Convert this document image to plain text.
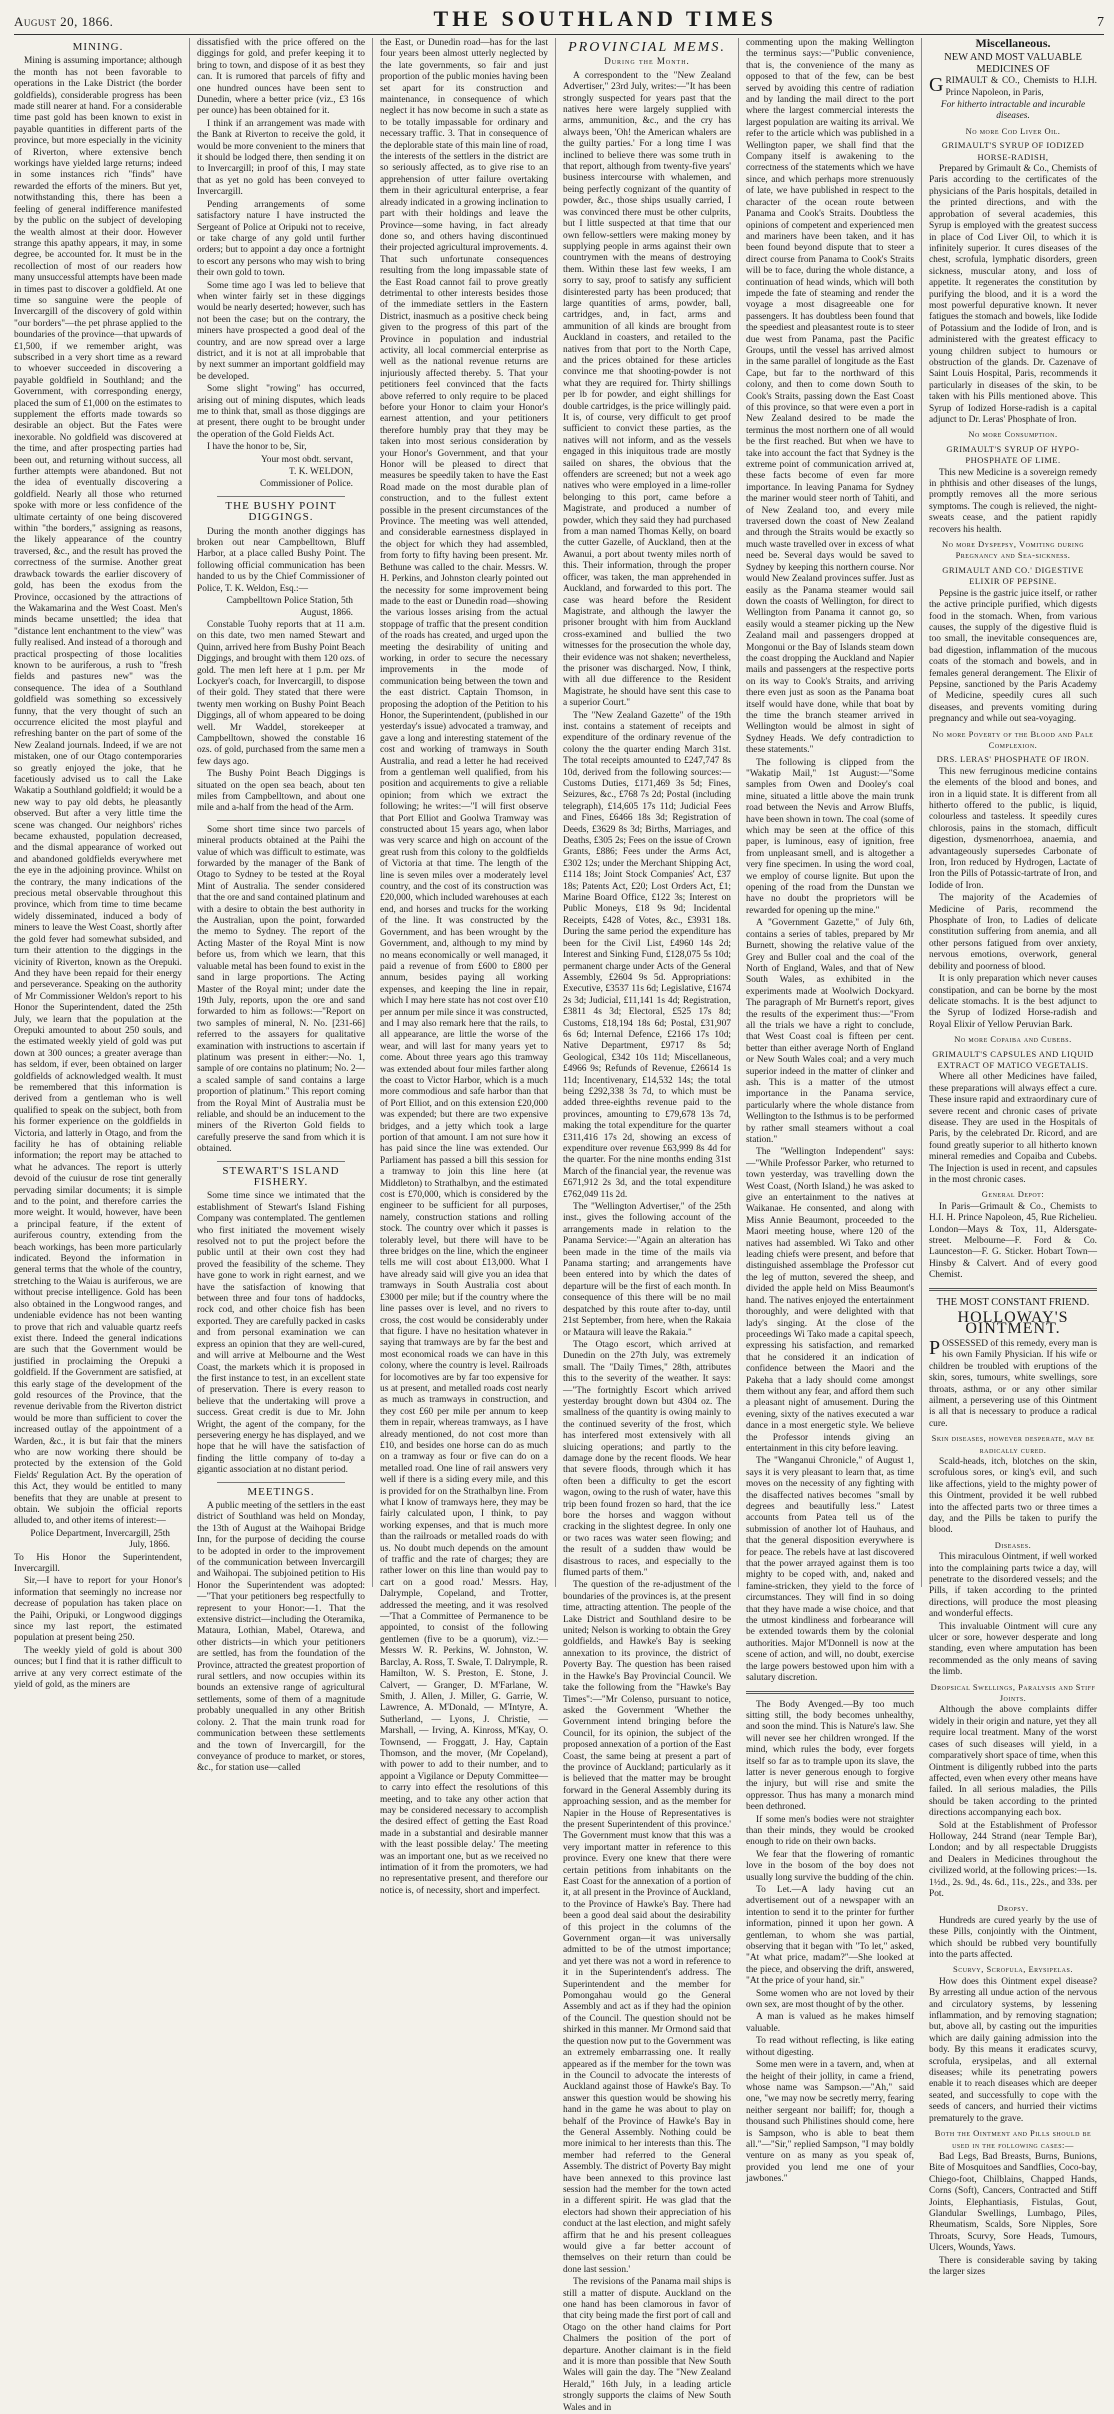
August 20, 1866.	THE SOUTHLAND TIMES	7
MINING.

Mining is assuming importance; although the month has not been favorable to operations in the Lake District (the border goldfields), considerable progress has been made still nearer at hand. For a considerable time past gold has been known to exist in payable quantities in different parts of the province, but more especially in the vicinity of Riverton, where extensive bench workings have yielded large returns; indeed in some instances rich "finds" have rewarded the efforts of the miners. But yet, notwithstanding this, there has been a feeling of general indifference manifested by the public on the subject of developing the wealth almost at their door. However strange this apathy appears, it may, in some degree, be accounted for. It must be in the recollection of most of our readers how many unsuccessful attempts have been made in times past to discover a goldfield. At one time so sanguine were the people of Invercargill of the discovery of gold within "our borders"—the pet phrase applied to the boundaries of the province—that upwards of £1,500, if we remember aright, was subscribed in a very short time as a reward to whoever succeeded in discovering a payable goldfield in Southland; and the Government, with corresponding energy, placed the sum of £1,000 on the estimates to supplement the efforts made towards so desirable an object. But the Fates were inexorable. No goldfield was discovered at the time, and after prospecting parties had been out, and returning without success, all further attempts were abandoned. But not the idea of eventually discovering a goldfield. Nearly all those who returned spoke with more or less confidence of the ultimate certainty of one being discovered within "the borders," assigning as reasons, the likely appearance of the country traversed, &c., and the result has proved the correctness of the surmise. Another great drawback towards the earlier discovery of gold, has been the exodus from the Province, occasioned by the attractions of the Wakamarina and the West Coast. Men's minds became unsettled; the idea that "distance lent enchantment to the view" was fully realised. And instead of a thorough and practical prospecting of those localities known to be auriferous, a rush to "fresh fields and pastures new" was the consequence. The idea of a Southland goldfield was something so excessively funny, that the very thought of such an occurrence elicited the most playful and refreshing banter on the part of some of the New Zealand journals. Indeed, if we are not mistaken, one of our Otago contemporaries so greatly enjoyed the joke, that he facetiously advised us to call the Lake Wakatip a Southland goldfield; it would be a new way to pay old debts, he pleasantly observed. But after a very little time the scene was changed. Our neighbors' riches became exhausted, population decreased, and the dismal appearance of worked out and abandoned goldfields everywhere met the eye in the adjoining province. Whilst on the contrary, the many indications of the precious metal observable throughout this province, which from time to time became widely disseminated, induced a body of miners to leave the West Coast, shortly after the gold fever had somewhat subsided, and turn their attention to the diggings in the vicinity of Riverton, known as the Orepuki. And they have been repaid for their energy and perseverance. Speaking on the authority of Mr Commissioner Weldon's report to his Honor the Superintendent, dated the 25th July, we learn that the population at the Orepuki amounted to about 250 souls, and the estimated weekly yield of gold was put down at 300 ounces; a greater average than has seldom, if ever, been obtained on larger goldfields of acknowledged wealth. It must be remembered that this information is derived from a gentleman who is well qualified to speak on the subject, both from his former experience on the goldfields in Victoria, and latterly in Otago, and from the facility he has of obtaining reliable information; the report may be attached to what he advances. The report is utterly devoid of the cuiusur de rose tint generally pervading similar documents; it is simple and to the point, and therefore carries the more weight. It would, however, have been a principal feature, if the extent of auriferous country, extending from the beach workings, has been more particularly indicated. Beyond the information in general terms that the whole of the country, stretching to the Waiau is auriferous, we are without precise intelligence. Gold has been also obtained in the Longwood ranges, and undeniable evidence has not been wanting to prove that rich and valuable quartz reefs exist there. Indeed the general indications are such that the Government would be justified in proclaiming the Orepuki a goldfield. If the Government are satisfied, at this early stage of the development of the gold resources of the Province, that the revenue derivable from the Riverton district would be more than sufficient to cover the increased outlay of the appointment of a Warden, &c., it is but fair that the miners who are now working there should be protected by the extension of the Gold Fields' Regulation Act. By the operation of this Act, they would be entitled to many benefits that they are unable at present to obtain. We subjoin the official reports alluded to, and other items of interest:—

Police Department, Invercargill, 25th July, 1866.

To His Honor the Superintendent, Invercargill.

Sir,—I have to report for your Honor's information that seemingly no increase nor decrease of population has taken place on the Paihi, Oripuki, or Longwood diggings since my last report, the estimated population at present being 250.

The weekly yield of gold is about 300 ounces; but I find that it is rather difficult to arrive at any very correct estimate of the yield of gold, as the miners are

dissatisfied with the price offered on the diggings for gold, and prefer keeping it to bring to town, and dispose of it as best they can. It is rumored that parcels of fifty and one hundred ounces have been sent to Dunedin, where a better price (viz., £3 16s per ounce) has been obtained for it.

I think if an arrangement was made with the Bank at Riverton to receive the gold, it would be more convenient to the miners that it should be lodged there, then sending it on to Invercargill; in proof of this, I may state that as yet no gold has been conveyed to Invercargill.

Pending arrangements of some satisfactory nature I have instructed the Sergeant of Police at Oripuki not to receive, or take charge of any gold until further orders; but to appoint a day once a fortnight to escort any persons who may wish to bring their own gold to town.

Some time ago I was led to believe that when winter fairly set in these diggings would be nearly deserted; however, such has not been the case; but on the contrary, the miners have prospected a good deal of the country, and are now spread over a large district, and it is not at all improbable that by next summer an important goldfield may be developed.

Some slight "rowing" has occurred, arising out of mining disputes, which leads me to think that, small as those diggings are at present, there ought to be brought under the operation of the Gold Fields Act.

I have the honor to be, Sir,

Your most obdt. servant,

T. K. WELDON,

Commissioner of Police.

THE BUSHY POINT DIGGINGS.

During the month another diggings has broken out near Campbelltown, Bluff Harbor, at a place called Bushy Point. The following official communication has been handed to us by the Chief Commissioner of Police, T. K. Weldon, Esq.:—

Campbelltown Police Station, 5th August, 1866.

Constable Tuohy reports that at 11 a.m. on this date, two men named Stewart and Quinn, arrived here from Bushy Point Beach Diggings, and brought with them 120 ozs. of gold. The men left here at 1 p.m. per Mr Lockyer's coach, for Invercargill, to dispose of their gold. They stated that there were twenty men working on Bushy Point Beach Diggings, all of whom appeared to be doing well. Mr Waddel, storekeeper at Campbelltown, showed the constable 16 ozs. of gold, purchased from the same men a few days ago.

The Bushy Point Beach Diggings is situated on the open sea beach, about ten miles from Campbelltown, and about one mile and a-half from the head of the Arm.

Some short time since two parcels of mineral products obtained at the Paihi the value of which was difficult to estimate, was forwarded by the manager of the Bank of Otago to Sydney to be tested at the Royal Mint of Australia. The sender considered that the ore and sand contained platinum and with a desire to obtain the best authority in the Australian, upon the point, forwarded the memo to Sydney. The report of the Acting Master of the Royal Mint is now before us, from which we learn, that this valuable metal has been found to exist in the sand in large proportions. The Acting Master of the Royal mint; under date the 19th July, reports, upon the ore and sand forwarded to him as follows:—"Report on two samples of mineral, N. No. [231-66] referred to the assayers for qualitative examination with instructions to ascertain if platinum was present in either:—No. 1, sample of ore contains no platinum; No. 2—a scaled sample of sand contains a large proportion of platinum." This report coming from the Royal Mint of Australia must be reliable, and should be an inducement to the miners of the Riverton Gold fields to carefully preserve the sand from which it is obtained.

STEWART'S ISLAND FISHERY.

Some time since we intimated that the establishment of Stewart's Island Fishing Company was contemplated. The gentlemen who first initiated the movement wisely resolved not to put the project before the public until at their own cost they had proved the feasibility of the scheme. They have gone to work in right earnest, and we have the satisfaction of knowing that between three and four tons of haddocks, rock cod, and other choice fish has been exported. They are carefully packed in casks and from personal examination we can express an opinion that they are well-cured, and will arrive at Melbourne and the West Coast, the markets which it is proposed in the first instance to test, in an excellent state of preservation. There is every reason to believe that the undertaking will prove a success. Great credit is due to Mr. John Wright, the agent of the company, for the persevering energy he has displayed, and we hope that he will have the satisfaction of finding the little company of to-day a gigantic association at no distant period.

MEETINGS.

A public meeting of the settlers in the east district of Southland was held on Monday, the 13th of August at the Waihopai Bridge Inn, for the purpose of deciding the course to be adopted in order to the improvement of the communication between Invercargill and Waihopai. The subjoined petition to His Honor the Superintendent was adopted:—"That your petitioners beg respectfully to represent to your Honor:—1. That the extensive district—including the Oteramika, Mataura, Lothian, Mabel, Otarewa, and other districts—in which your petitioners are settled, has from the foundation of the Province, attracted the greatest proportion of rural settlers, and now occupies within its bounds an extensive range of agricultural settlements, some of them of a magnitude probably unequalled in any other British colony. 2. That the main trunk road for communication between these settlements and the town of Invercargill, for the conveyance of produce to market, or stores, &c., for station use—called

the East, or Dunedin road—has for the last four years been almost utterly neglected by the late governments, so fair and just proportion of the public monies having been set apart for its construction and maintenance, in consequence of which neglect it has now become in such a state as to be totally impassable for ordinary and necessary traffic. 3. That in consequence of the deplorable state of this main line of road, the interests of the settlers in the district are so seriously affected, as to give rise to an apprehension of utter failure overtaking them in their agricultural enterprise, a fear already indicated in a growing inclination to part with their holdings and leave the Province—some having, in fact already done so, and others having discontinued their projected agricultural improvements. 4. That such unfortunate consequences resulting from the long impassable state of the East Road cannot fail to prove greatly detrimental to other interests besides those of the immediate settlers in the Eastern District, inasmuch as a positive check being given to the progress of this part of the Province in population and industrial activity, all local commercial enterprise as well as the national revenue returns are injuriously affected thereby. 5. That your petitioners feel convinced that the facts above referred to only require to be placed before your Honor to claim your Honor's earnest attention, and your petitioners therefore humbly pray that they may be taken into most serious consideration by your Honor's Government, and that your Honor will be pleased to direct that measures be speedily taken to have the East Road made on the most durable plan of construction, and to the fullest extent possible in the present circumstances of the Province. The meeting was well attended, and considerable earnestness displayed in the object for which they had assembled, from forty to fifty having been present. Mr. Bethune was called to the chair. Messrs. W. H. Perkins, and Johnston clearly pointed out the necessity for some improvement being made to the east or Dunedin road—showing the various losses arising from the actual stoppage of traffic that the present condition of the roads has created, and urged upon the meeting the desirability of uniting and working, in order to secure the necessary improvements in the mode of communication being between the town and the east district. Captain Thomson, in proposing the adoption of the Petition to his Honor, the Superintendent, (published in our yesterday's issue) advocated a tramway, and gave a long and interesting statement of the cost and working of tramways in South Australia, and read a letter he had received from a gentleman well qualified, from his position and acquirements to give a reliable opinion; from which we extract the following; he writes:—"I will first observe that Port Elliot and Goolwa Tramway was constructed about 15 years ago, when labor was very scarce and high on account of the great rush from this colony to the goldfields of Victoria at that time. The length of the line is seven miles over a moderately level country, and the cost of its construction was £20,000, which included warehouses at each end, and horses and trucks for the working of the line. It was constructed by the Government, and has been wrought by the Government, and, although to my mind by no means economically or well managed, it paid a revenue of from £600 to £800 per annum, besides paying all working expenses, and keeping the line in repair, which I may here state has not cost over £10 per annum per mile since it was constructed, and I may also remark here that the rails, to all appearance, are little the worse of the wear, and will last for many years yet to come. About three years ago this tramway was extended about four miles farther along the coast to Victor Harbor, which is a much more commodious and safe harbor than that of Port Elliot, and on this extension £20,000 was expended; but there are two expensive bridges, and a jetty which took a large portion of that amount. I am not sure how it has paid since the line was extended. Our Parliament has passed a bill this session for a tramway to join this line here (at Middleton) to Strathalbyn, and the estimated cost is £70,000, which is considered by the engineer to be sufficient for all purposes, namely, construction stations and rolling stock. The country over which it passes is tolerably level, but there will have to be three bridges on the line, which the engineer tells me will cost about £13,000. What I have already said will give you an idea that tramways in South Australia cost about £3000 per mile; but if the country where the line passes over is level, and no rivers to cross, the cost would be considerably under that figure. I have no hesitation whatever in saying that tramways are by far the best and most economical roads we can have in this colony, where the country is level. Railroads for locomotives are by far too expensive for us at present, and metalled roads cost nearly as much as tramways in construction, and they cost £60 per mile per annum to keep them in repair, whereas tramways, as I have already mentioned, do not cost more than £10, and besides one horse can do as much on a tramway as four or five can do on a metalled road. One line of rail answers very well if there is a siding every mile, and this is provided for on the Strathalbyn line. From what I know of tramways here, they may be fairly calculated upon, I think, to pay working expenses, and that is much more than the railroads or metalled roads do with us. No doubt much depends on the amount of traffic and the rate of charges; they are rather lower on this line than would pay to cart on a good road.' Messrs. Hay, Dalrymple, Copeland, and Trotter, addressed the meeting, and it was resolved—'That a Committee of Permanence to be appointed, to consist of the following gentlemen (five to be a quorum), viz.:—Messrs W. R. Perkins, W. Johnston, W. Barclay, A. Ross, T. Swale, T. Dalrymple, R. Hamilton, W. S. Preston, E. Stone, J. Calvert, — Granger, D. M'Farlane, W. Smith, J. Allen, J. Miller, G. Garrie, W. Lawrence, A. M'Donald, — M'Intyre, A. Sutherland, — Lyons, J. Christie, —Marshall, — Irving, A. Kinross, M'Kay, O. Townsend, — Froggatt, J. Hay, Captain Thomson, and the mover, (Mr Copeland), with power to add to their number, and to appoint a Vigilance or Deputy Committee—to carry into effect the resolutions of this meeting, and to take any other action that may be considered necessary to accomplish the desired effect of getting the East Road made in a substantial and desirable manner with the least possible delay.' The meeting was an important one, but as we received no intimation of it from the promoters, we had no representative present, and therefore our notice is, of necessity, short and imperfect.

PROVINCIAL MEMS.
During the Month.

A correspondent to the "New Zealand Advertiser," 23rd July, writes:—"It has been strongly suspected for years past that the natives here were largely supplied with arms, ammunition, &c., and the cry has always been, 'Oh! the American whalers are the guilty parties.' For a long time I was inclined to believe there was some truth in that report, although from twenty-five years' business intercourse with whalemen, and being perfectly cognizant of the quantity of powder, &c., those ships usually carried, I was convinced there must be other culprits, but I little suspected at that time that our own fellow-settlers were making money by supplying people in arms against their own countrymen with the means of destroying them. Within these last few weeks, I am sorry to say, proof to satisfy any sufficient disinterested party has been produced; that large quantities of arms, powder, ball, cartridges, and, in fact, arms and ammunition of all kinds are brought from Auckland in coasters, and retailed to the natives from that port to the North Cape, and the prices obtained for these articles convince me that shooting-powder is not what they are required for. Thirty shillings per lb for powder, and eight shillings for double cartridges, is the price willingly paid. It is, of course, very difficult to get proof sufficient to convict these parties, as the natives will not inform, and as the vessels engaged in this iniquitous trade are mostly sailed on shares, the obvious that the offenders are screened; but not a week ago natives who were employed in a lime-roller belonging to this port, came before a Magistrate, and produced a number of powder, which they said they had purchased from a man named Thomas Kelly, on board the cutter Gazelle, of Auckland, then at the Awanui, a port about twenty miles north of this. Their information, through the proper officer, was taken, the man apprehended in Auckland, and forwarded to this port. The case was heard before the Resident Magistrate, and although the lawyer the prisoner brought with him from Auckland cross-examined and bullied the two witnesses for the prosecution the whole day, their evidence was not shaken; nevertheless, the prisoner was discharged. Now, I think, with all due difference to the Resident Magistrate, he should have sent this case to a superior Court."

The "New Zealand Gazette" of the 19th inst. contains a statement of receipts and expenditure of the ordinary revenue of the colony the the quarter ending March 31st. The total receipts amounted to £247,747 8s 10d, derived from the following sources:—Customs Duties, £171,469 3s 5d; Fines, Seizures, &c., £768 7s 2d; Postal (including telegraph), £14,605 17s 11d; Judicial Fees and Fines, £6466 18s 3d; Registration of Deeds, £3629 8s 3d; Births, Marriages, and Deaths, £305 2s; Fees on the issue of Crown Grants, £886; Fees under the Arms Act, £302 12s; under the Merchant Shipping Act, £114 18s; Joint Stock Companies' Act, £37 18s; Patents Act, £20; Lost Orders Act, £1; Marine Board Office, £122 3s; Interest on Public Moneys, £18 9s 9d; Incidental Receipts, £428 of Votes, &c., £3931 18s. During the same period the expenditure has been for the Civil List, £4960 14s 2d; Interest and Sinking Fund, £128,075 5s 10d; permanent charge under Acts of the General Assembly, £2604 9s 5d. Appropriations: Executive, £3537 11s 6d; Legislative, £1674 2s 3d; Judicial, £11,141 1s 4d; Registration, £3811 4s 3d; Electoral, £525 17s 8d; Customs, £18,194 18s 6d; Postal, £31,907 6s 6d; Internal Defence, £2166 17s 10d; Native Department, £9717 8s 5d; Geological, £342 10s 11d; Miscellaneous, £4966 9s; Refunds of Revenue, £26614 1s 11d; Incentivenary, £14,532 14s; the total being £292,338 3s 7d, to which must be added three-eighths revenue paid to the provinces, amounting to £79,678 13s 7d, making the total expenditure for the quarter £311,416 17s 2d, showing an excess of expenditure over revenue £63,999 8s 4d for the quarter. For the nine months ending 31st March of the financial year, the revenue was £671,912 2s 3d, and the total expenditure £762,049 11s 2d.

The "Wellington Advertiser," of the 25th inst., gives the following account of the arrangements made in relation to the Panama Service:—"Again an alteration has been made in the time of the mails via Panama starting; and arrangements have been entered into by which the dates of departure will be the first of each month. In consequence of this there will be no mail despatched by this route after to-day, until 21st September, from here, when the Rakaia or Mataura will leave the Rakaia."

The Otago escort, which arrived at Dunedin on the 27th July, was extremely small. The "Daily Times," 28th, attributes this to the severity of the weather. It says:—"The fortnightly Escort which arrived yesterday brought down but 4304 oz. The smallness of the quantity is owing mainly to the continued severity of the frost, which has interfered most extensively with all sluicing operations; and partly to the damage done by the recent floods. We hear that severe floods, through which it has often been a difficulty to get the escort wagon, owing to the rush of water, have this trip been found frozen so hard, that the ice bore the horses and waggon without cracking in the slightest degree. In only one or two races was water seen flowing; and the result of a sudden thaw would be disastrous to races, and especially to the flumed parts of them."

The question of the re-adjustment of the boundaries of the provinces is, at the present time, attracting attention. The people of the Lake District and Southland desire to be united; Nelson is working to obtain the Grey goldfields, and Hawke's Bay is seeking annexation to its province, the district of Poverty Bay. The question has been raised in the Hawke's Bay Provincial Council. We take the following from the "Hawke's Bay Times":—"Mr Colenso, pursuant to notice, asked the Government 'Whether the Government intend bringing before the Council, for its opinion, the subject of the proposed annexation of a portion of the East Coast, the same being at present a part of the province of Auckland; particularly as it is believed that the matter may be brought forward in the General Assembly during its approaching session, and as the member for Napier in the House of Representatives is the present Superintendent of this province.' The Government must know that this was a very important matter in reference to this province. Every one knew that there were certain petitions from inhabitants on the East Coast for the annexation of a portion of it, at all present in the Province of Auckland, to the Province of Hawke's Bay. There had been a good deal said about the desirability of this project in the columns of the Government organ—it was universally admitted to be of the utmost importance; and yet there was not a word in reference to it in the Superintendent's address. The Superintendent and the member for Pomongahau would go the General Assembly and act as if they had the opinion of the Council. The question should not be shirked in this manner. Mr Ormond said that the question now put to the Government was an extremely embarrassing one. It really appeared as if the member for the town was in the Council to advocate the interests of Auckland against those of Hawke's Bay. To answer this question would be showing his hand in the game he was about to play on behalf of the Province of Hawke's Bay in the General Assembly. Nothing could be more inimical to her interests than this. The member had referred to the General Assembly. The district of Poverty Bay might have been annexed to this province last session had the member for the town acted in a different spirit. He was glad that the electors had shown their appreciation of his conduct at the last election, and might safely affirm that he and his present colleagues would give a far better account of themselves on their return than could be done last session.'

The revisions of the Panama mail ships is still a matter of dispute. Auckland on the one hand has been clamorous in favor of that city being made the first port of call and Otago on the other hand claims for Port Chalmers the position of the port of departure. Another claimant is in the field and it is more than possible that New South Wales will gain the day. The "New Zealand Herald," 16th July, in a leading article strongly supports the claims of New South Wales and in

commenting upon the making Wellington the terminus says:—"Public convenience, that is, the convenience of the many as opposed to that of the few, can be best served by avoiding this centre of radiation and by landing the mail direct to the port where the largest commercial interests the largest population are waiting its arrival. We refer to the article which was published in a Wellington paper, we shall find that the Company itself is awakening to the correctness of the statements which we have since, and which perhaps more strenuously of late, we have published in respect to the character of the ocean route between Panama and Cook's Straits. Doubtless the opinions of competent and experienced men and mariners have been taken, and it has been found beyond dispute that to steer a direct course from Panama to Cook's Straits will be to face, during the whole distance, a continuation of head winds, which will both impede the fate of steaming and render the voyage a most disagreeable one for passengers. It has doubtless been found that the speediest and pleasantest route is to steer due west from Panama, past the Pacific Groups, until the vessel has arrived almost in the same parallel of longitude as the East Cape, but far to the northward of this colony, and then to come down South to Cook's Straits, passing down the East Coast of this province, so that were even a port in New Zealand desired to be made the terminus the most northern one of all would be the first reached. But when we have to take into account the fact that Sydney is the extreme point of communication arrived at, these facts become of even far more importance. In leaving Panama for Sydney the mariner would steer north of Tahiti, and of New Zealand too, and every mile traversed down the coast of New Zealand and through the Straits would be exactly so much waste travelled over in excess of what need be. Several days would be saved to Sydney by keeping this northern course. Nor would New Zealand provinces suffer. Just as easily as the Panama steamer would sail down the coasts of Wellington, for direct to Wellington from Panama it cannot go, so easily would a steamer picking up the New Zealand mail and passengers dropped at Mongonui or the Bay of Islands steam down the coast dropping the Auckland and Napier mails and passengers at the respective ports on its way to Cook's Straits, and arriving there even just as soon as the Panama boat itself would have done, while that boat by the time the branch steamer arrived in Wellington would be almost in sight of Sydney Heads. We defy contradiction to these statements."

The following is clipped from the "Wakatip Mail," 1st August:—"Some samples from Owen and Dooley's coal mine, situated a little above the main trunk road between the Nevis and Arrow Bluffs, have been shown in town. The coal (some of which may be seen at the office of this paper, is luminous, easy of ignition, free from unpleasant smell, and is altogether a very fine specimen. In using the word coal, we employ of course lignite. But upon the opening of the road from the Dunstan we have no doubt the proprietors will be rewarded for opening up the mine."

A "Government Gazette," of July 6th, contains a series of tables, prepared by Mr Burnett, showing the relative value of the Grey and Buller coal and the coal of the North of England, Wales, and that of New South Wales, as exhibited in the experiments made at Woolwich Dockyard. The paragraph of Mr Burnett's report, gives the results of the experiment thus:—"From all the trials we have a right to conclude, that West Coast coal is fifteen per cent. better than either average North of England or New South Wales coal; and a very much superior indeed in the matter of clinker and ash. This is a matter of the utmost importance in the Panama service, particularly where the whole distance from Wellington to the Isthmus is to be performed by rather small steamers without a coal station."

The "Wellington Independent" says:—"While Professor Parker, who returned to town yesterday, was travelling down the West Coast, (North Island,) he was asked to give an entertainment to the natives at Waikanae. He consented, and along with Miss Annie Beaumont, proceeded to the Maori meeting house, where 120 of the natives had assembled. Wi Tako and other leading chiefs were present, and before that distinguished assemblage the Professor cut the leg of mutton, severed the sheep, and divided the apple held on Miss Beaumont's hand. The natives enjoyed the entertainment thoroughly, and were delighted with that lady's singing. At the close of the proceedings Wi Tako made a capital speech, expressing his satisfaction, and remarked that he considered it an indication of confidence between the Maori and the Pakeha that a lady should come amongst them without any fear, and afford them such a pleasant night of amusement. During the evening, sixty of the natives executed a war dance in a most energetic style. We believe the Professor intends giving an entertainment in this city before leaving.

The "Wanganui Chronicle," of August 1, says it is very pleasant to learn that, as time moves on the necessity of any fighting with the disaffected natives becomes "small by degrees and beautifully less." Latest accounts from Patea tell us of the submission of another lot of Hauhaus, and that the general disposition everywhere is for peace. The rebels have at last discovered that the power arrayed against them is too mighty to be coped with, and, naked and famine-stricken, they yield to the force of circumstances. They will find in so doing that they have made a wise choice, and that the utmost kindliness and forbearance will be extended towards them by the colonial authorities. Major M'Donnell is now at the scene of action, and will, no doubt, exercise the large powers bestowed upon him with a salutary discretion.

The Body Avenged.—By too much sitting still, the body becomes unhealthy, and soon the mind. This is Nature's law. She will never see her children wronged. If the mind, which rules the body, ever forgets itself so far as to trample upon its slave, the latter is never generous enough to forgive the injury, but will rise and smite the oppressor. Thus has many a monarch mind been dethroned.

If some men's bodies were not straighter than their minds, they would be crooked enough to ride on their own backs.

We fear that the flowering of romantic love in the bosom of the boy does not usually long survive the budding of the chin.

To Let.—A lady having cut an advertisement out of a newspaper with an intention to send it to the printer for further information, pinned it upon her gown. A gentleman, to whom she was partial, observing that it began with "To let," asked, "At what price, madam?"—She looked at the piece, and observing the drift, answered, "At the price of your hand, sir."

Some women who are not loved by their own sex, are most thought of by the other.

A man is valued as he makes himself valuable.

To read without reflecting, is like eating without digesting.

Some men were in a tavern, and, when at the height of their jollity, in came a friend, whose name was Sampson.—"Ah," said one, "we may now be secretly merry, fearing neither sergeant nor bailiff; for, though a thousand such Philistines should come, here is Sampson, who is able to beat them all."—"Sir," replied Sampson, "I may boldly venture on as many as you speak of, provided you lend me one of your jawbones."

Miscellaneous.
NEW AND MOST VALUABLE MEDICINES OF

GRIMAULT & CO., Chemists to H.I.H. Prince Napoleon, in Paris,

For hitherto intractable and incurable diseases.

No more Cod Liver Oil.
GRIMAULT'S SYRUP OF IODIZED HORSE-RADISH,

Prepared by Grimault & Co., Chemists of Paris according to the certificates of the physicians of the Paris hospitals, detailed in the printed directions, and with the approbation of several academies, this Syrup is employed with the greatest success in place of Cod Liver Oil, to which it is infinitely superior. It cures diseases of the chest, scrofula, lymphatic disorders, green sickness, muscular atony, and loss of appetite. It regenerates the constitution by purifying the blood, and it is a word the most powerful depurative known. It never fatigues the stomach and bowels, like Iodide of Potassium and the Iodide of Iron, and is administered with the greatest efficacy to young children subject to humours or obstruction of the glands. Dr. Cazenave of Saint Louis Hospital, Paris, recommends it particularly in diseases of the skin, to be taken with his Pills mentioned above. This Syrup of Iodized Horse-radish is a capital adjunct to Dr. Leras' Phosphate of Iron.

No more Consumption.
GRIMAULT'S SYRUP OF HYPO-PHOSPHATE OF LIME.

This new Medicine is a sovereign remedy in phthisis and other diseases of the lungs, promptly removes all the more serious symptoms. The cough is relieved, the night-sweats cease, and the patient rapidly recovers his health.

No more Dyspepsy, Vomiting during Pregnancy and Sea-sickness.
GRIMAULT AND CO.' DIGESTIVE ELIXIR OF PEPSINE.

Pepsine is the gastric juice itself, or rather the active principle purified, which digests food in the stomach. When, from various causes, the supply of the digestive fluid is too small, the inevitable consequences are, bad digestion, inflammation of the mucous coats of the stomach and bowels, and in females general derangement. The Elixir of Pepsine, sanctioned by the Paris Academy of Medicine, speedily cures all such diseases, and prevents vomiting during pregnancy and while out sea-voyaging.

No more Poverty of the Blood and Pale Complexion.
DRS. LERAS' PHOSPHATE OF IRON.

This new ferruginous medicine contains the elements of the blood and bones, and iron in a liquid state. It is different from all hitherto offered to the public, is liquid, colourless and tasteless. It speedily cures chlorosis, pains in the stomach, difficult digestion, dysmenorrhoea, anaemia, and advantageously supersedes Carbonate of Iron, Iron reduced by Hydrogen, Lactate of Iron the Pills of Potassic-tartrate of Iron, and Iodide of Iron.

The majority of the Academies of Medicine of Paris, recommend the Phosphate of Iron, to Ladies of delicate constitution suffering from anemia, and all other persons fatigued from over anxiety, nervous emotions, overwork, general debility and poorness of blood.

It is only preparation which never causes constipation, and can be borne by the most delicate stomachs. It is the best adjunct to the Syrup of Iodized Horse-radish and Royal Elixir of Yellow Peruvian Bark.

No more Copaiba and Cubebs.
GRIMAULT'S CAPSULES AND LIQUID EXTRACT OF MATICO VEGETALIS.

Where all other Medicines have failed, these preparations will always effect a cure. These insure rapid and extraordinary cure of severe recent and chronic cases of private disease. They are used in the Hospitals of Paris, by the celebrated Dr. Ricord, and are found greatly superior to all hitherto known mineral remedies and Copaiba and Cubebs. The Injection is used in recent, and capsules in the most chronic cases.

General Depot:

In Paris—Grimault & Co., Chemists to H.I. H. Prince Napoleon, 45, Rue Richelieu. London—Mays & Tox, 11, Aldersgate-street. Melbourne—F. Ford & Co. Launceston—F. G. Sticker. Hobart Town—Hinsby & Calvert. And of every good Chemist.

THE MOST CONSTANT FRIEND.
HOLLOWAY'S OINTMENT.

POSSESSED of this remedy, every man is his own Family Physician. If his wife or children be troubled with eruptions of the skin, sores, tumours, white swellings, sore throats, asthma, or or any other similar ailment, a persevering use of this Ointment is all that is necessary to produce a radical cure.

Skin diseases, however desperate, may be radically cured.

Scald-heads, itch, blotches on the skin, scrofulous sores, or king's evil, and such like affections, yield to the mighty power of this Ointment, provided it be well rubbed into the affected parts two or three times a day, and the Pills be taken to purify the blood.

Diseases.

This miraculous Ointment, if well worked into the complaining parts twice a day, will penetrate to the disordered vessels; and the Pills, if taken according to the printed directions, will produce the most pleasing and wonderful effects.

This invaluable Ointment will cure any ulcer or sore, however desperate and long standing, even where amputation has been recommended as the only means of saving the limb.

Dropsical Swellings, Paralysis and Stiff Joints.

Although the above complaints differ widely in their origin and nature, yet they all require local treatment. Many of the worst cases of such diseases will yield, in a comparatively short space of time, when this Ointment is diligently rubbed into the parts affected, even when every other means have failed. In all serious maladies, the Pills should be taken according to the printed directions accompanying each box.

Sold at the Establishment of Professor Holloway, 244 Strand (near Temple Bar), London; and by all respectable Druggists and Dealers in Medicines throughout the civilized world, at the following prices:—1s. 1½d., 2s. 9d., 4s. 6d., 11s., 22s., and 33s. per Pot.

Dropsy.

Hundreds are cured yearly by the use of these Pills, conjointly with the Ointment, which should be rubbed very bountifully into the parts affected.

Scurvy, Scrofula, Erysipelas.

How does this Ointment expel disease? By arresting all undue action of the nervous and circulatory systems, by lessening inflammation, and by removing stagnation; but, above all, by casting out the impurities which are daily gaining admission into the body. By this means it eradicates scurvy, scrofula, erysipelas, and all external diseases; while its penetrating powers enable it to reach diseases which are deeper seated, and successfully to cope with the seeds of cancers, and hurried their victims prematurely to the grave.

Both the Ointment and Pills should be used in the following cases:—

Bad Legs, Bad Breasts, Burns, Bunions, Bite of Mosquitoes and Sandflies, Coco-bay, Chiego-foot, Chilblains, Chapped Hands, Corns (Soft), Cancers, Contracted and Stiff Joints, Elephantiasis, Fistulas, Gout, Glandular Swellings, Lumbago, Piles, Rheumatism, Scalds, Sore Nipples, Sore Throats, Scurvy, Sore Heads, Tumours, Ulcers, Wounds, Yaws.

There is considerable saving by taking the larger sizes
